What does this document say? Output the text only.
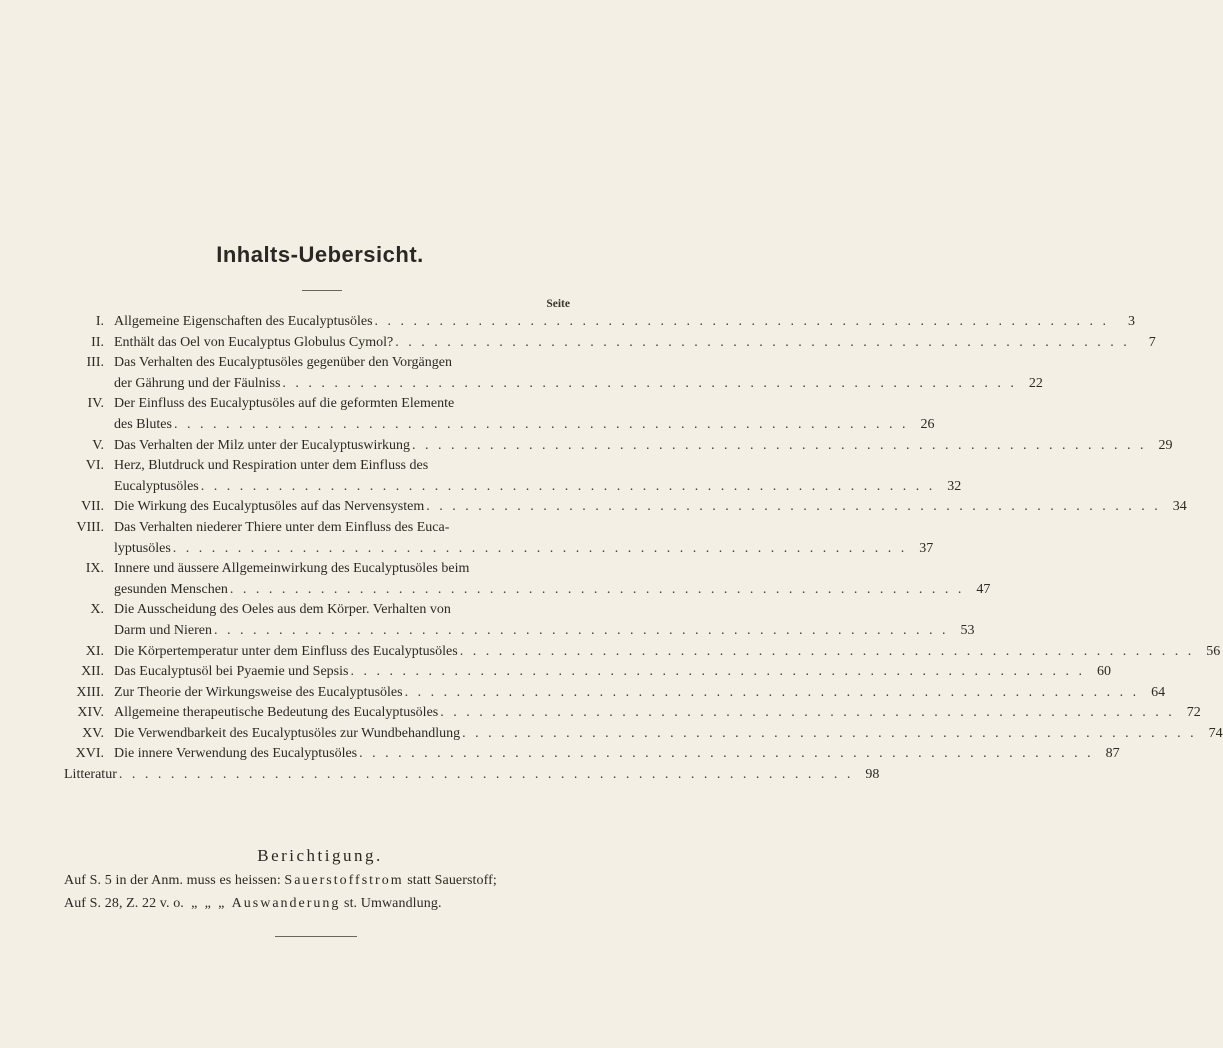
Inhalts-Uebersicht.
Seite
I. Allgemeine Eigenschaften des Eucalyptusöles . . .	3
II. Enthält das Oel von Eucalyptus Globulus Cymol? . . .	7
III. Das Verhalten des Eucalyptusöles gegenüber den Vorgängen
der Gährung und der Fäulniss . . .	22
IV. Der Einfluss des Eucalyptusöles auf die geformten Elemente
des Blutes . . .	26
V. Das Verhalten der Milz unter der Eucalyptuswirkung . . .	29
VI. Herz, Blutdruck und Respiration unter dem Einfluss des
Eucalyptusöles . . .	32
VII. Die Wirkung des Eucalyptusöles auf das Nervensystem . . .	34
VIII. Das Verhalten niederer Thiere unter dem Einfluss des Euca-
lyptusöles . . .	37
IX. Innere und äussere Allgemeinwirkung des Eucalyptusöles beim
gesunden Menschen . . .	47
X. Die Ausscheidung des Oeles aus dem Körper. Verhalten von
Darm und Nieren . . .	53
XI. Die Körpertemperatur unter dem Einfluss des Eucalyptusöles . . .	56
XII. Das Eucalyptusöl bei Pyaemie und Sepsis . . .	60
XIII. Zur Theorie der Wirkungsweise des Eucalyptusöles . . .	64
XIV. Allgemeine therapeutische Bedeutung des Eucalyptusöles . . .	72
XV. Die Verwendbarkeit des Eucalyptusöles zur Wundbehandlung . . .	74
XVI. Die innere Verwendung des Eucalyptusöles . . .	87
Litteratur . . .	98
Berichtigung.
Auf S. 5 in der Anm. muss es heissen: Sauerstoffstrom statt Sauerstoff;
Auf S. 28, Z. 22 v. o.  „  „  „  Auswanderung st. Umwandlung.
